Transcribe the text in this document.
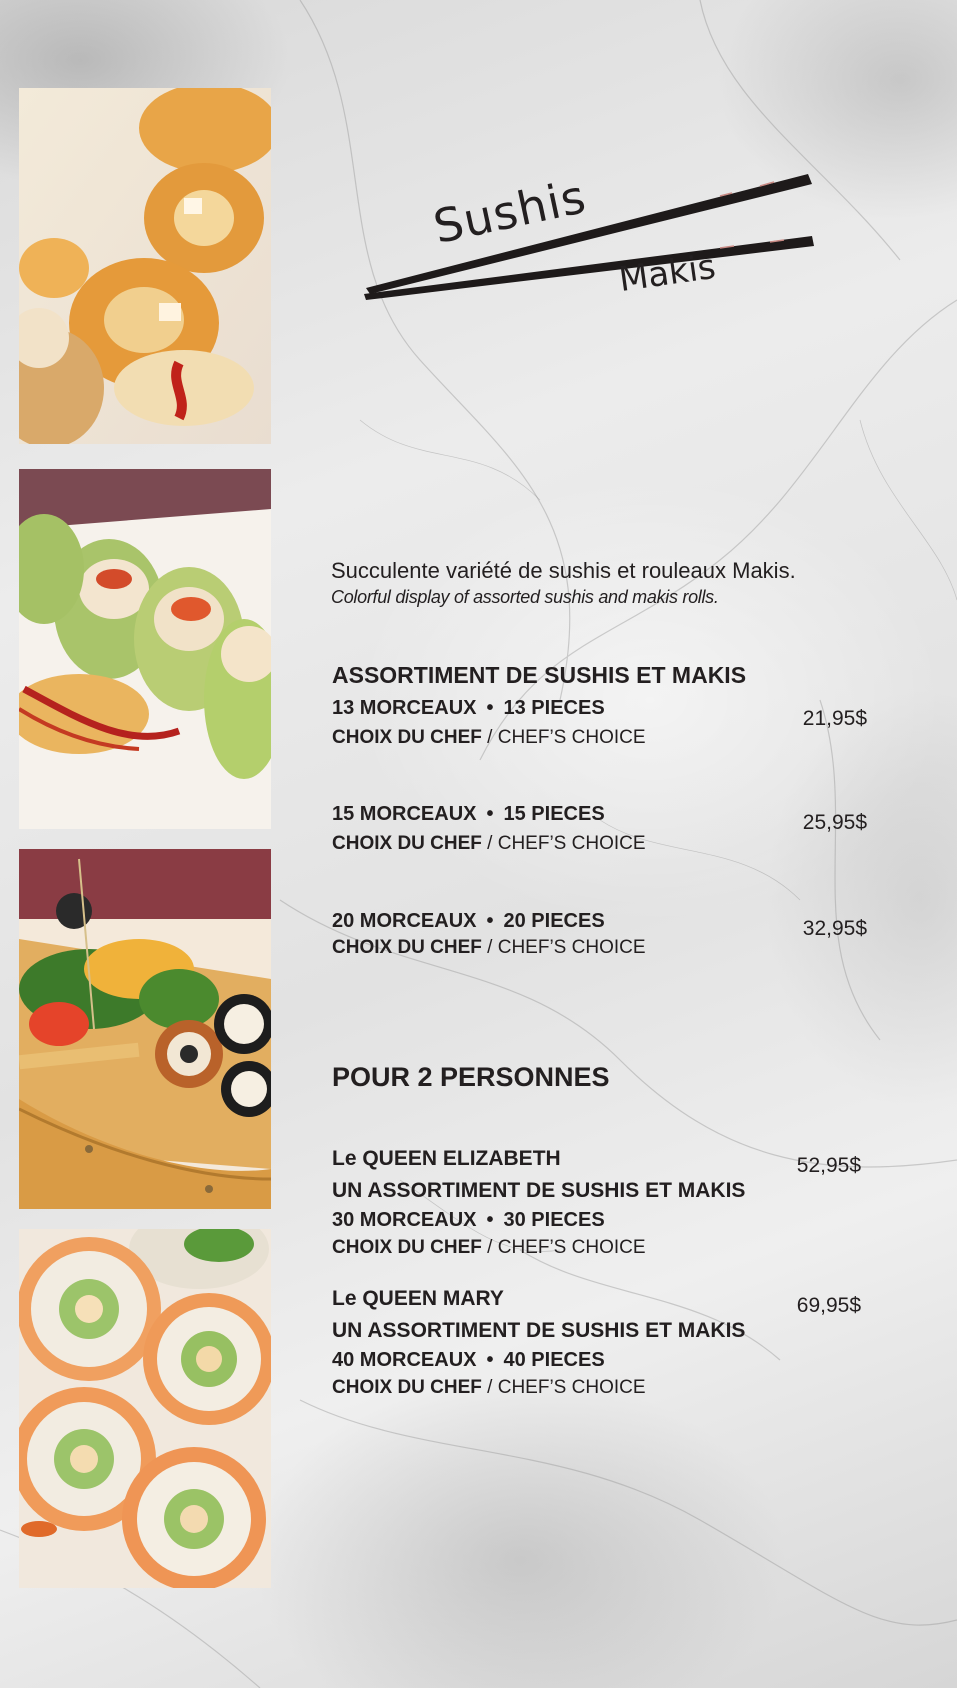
Sushis
Makis
Succulente variété de sushis et rouleaux Makis.
Colorful display of assorted sushis and makis rolls.
ASSORTIMENT DE SUSHIS ET MAKIS
13 MORCEAUX • 13 PIECES
CHOIX DU CHEF / CHEF’S CHOICE
21,95$
15 MORCEAUX • 15 PIECES
CHOIX DU CHEF / CHEF’S CHOICE
25,95$
20 MORCEAUX • 20 PIECES
CHOIX DU CHEF / CHEF’S CHOICE
32,95$
POUR 2 PERSONNES
Le QUEEN ELIZABETH
UN ASSORTIMENT DE SUSHIS ET MAKIS
30 MORCEAUX • 30 PIECES
CHOIX DU CHEF / CHEF’S CHOICE
52,95$
Le QUEEN MARY
UN ASSORTIMENT DE SUSHIS ET MAKIS
40 MORCEAUX • 40 PIECES
CHOIX DU CHEF / CHEF’S CHOICE
69,95$
